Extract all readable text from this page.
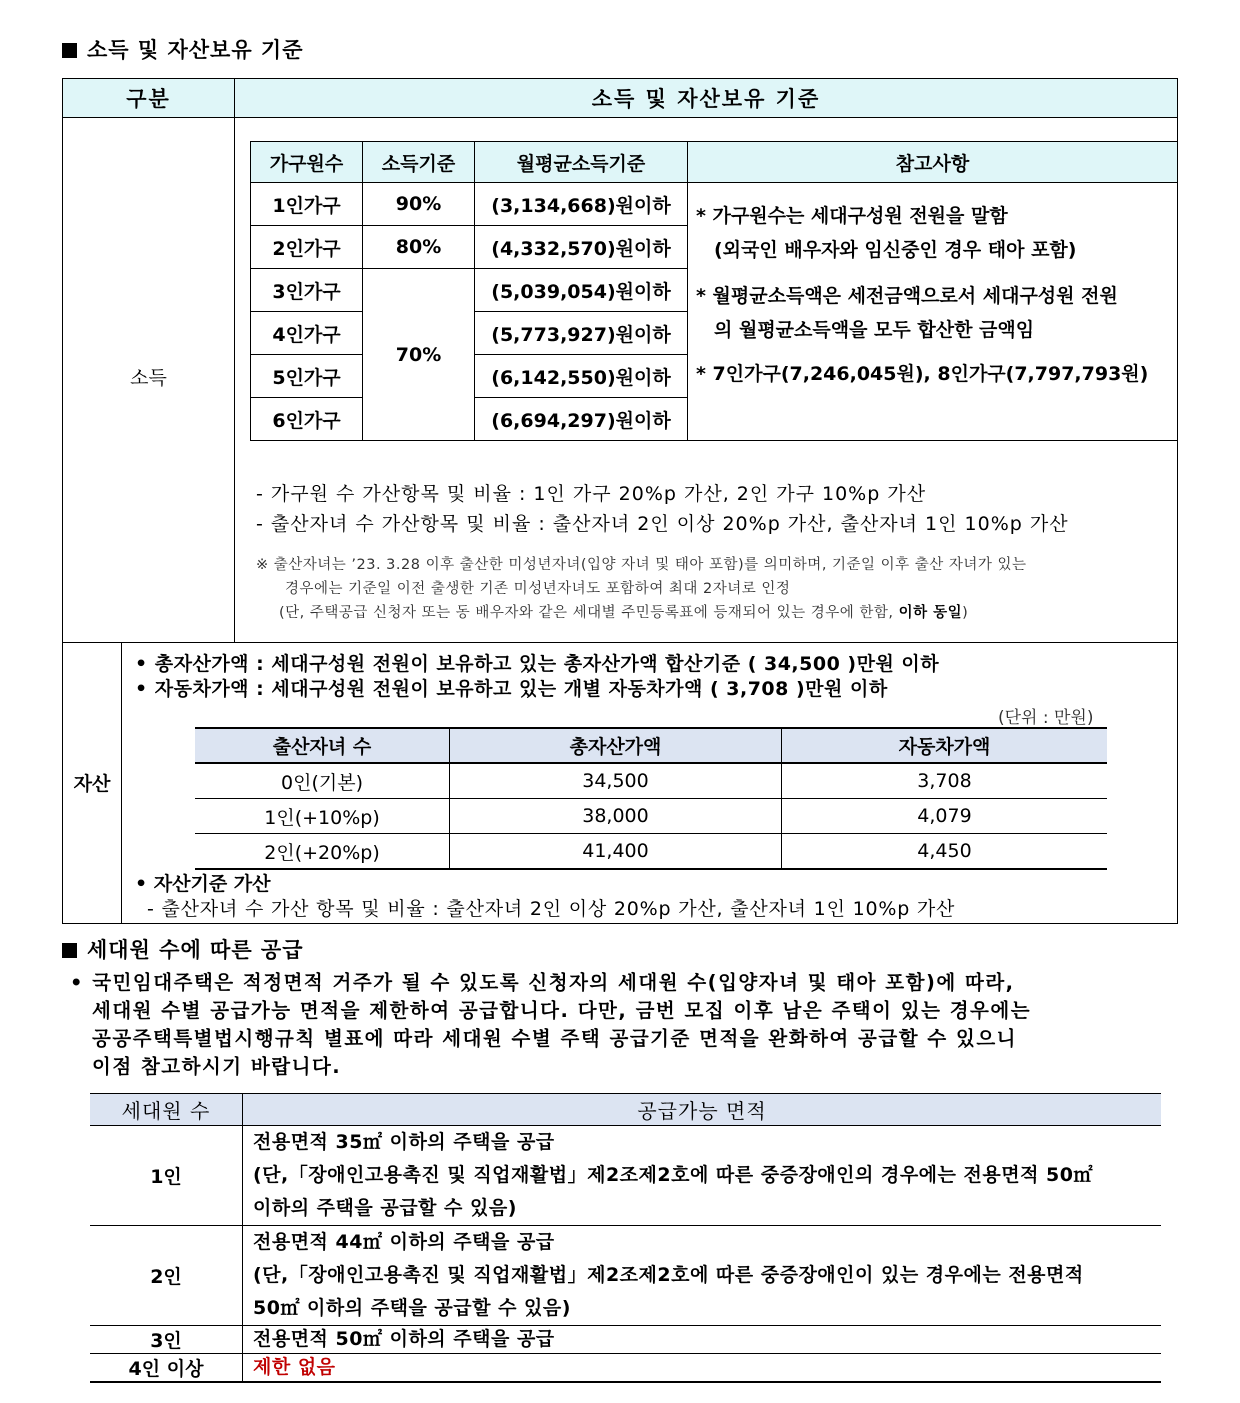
소득 및 자산보유 기준
구분	소득 및 자산보유 기준
소득
가구원수	소득기준	월평균소득기준	참고사항
1인가구	90%	(3,134,668)원이하	* 가구원수는 세대구성원 전원을 말함
(외국인 배우자와 임신중인 경우 태아 포함)

* 월평균소득액은 세전금액으로서 세대구성원 전원
의 월평균소득액을 모두 합산한 금액임

* 7인가구(7,246,045원), 8인가구(7,797,793원)

2인가구	80%	(4,332,570)원이하	
3인가구	70%	(5,039,054)원이하	
4인가구		(5,773,927)원이하	
5인가구		(6,142,550)원이하	
6인가구		(6,694,297)원이하	
- 가구원 수 가산항목 및 비율 : 1인 가구 20%p 가산, 2인 가구 10%p 가산
- 출산자녀 수 가산항목 및 비율 : 출산자녀 2인 이상 20%p 가산, 출산자녀 1인 10%p 가산
※ 출산자녀는 ’23. 3.28 이후 출산한 미성년자녀(입양 자녀 및 태아 포함)를 의미하며, 기준일 이후 출산 자녀가 있는
경우에는 기준일 이전 출생한 기존 미성년자녀도 포함하여 최대 2자녀로 인정
(단, 주택공급 신청자 또는 동 배우자와 같은 세대별 주민등록표에 등재되어 있는 경우에 한함, 이하 동일)
자산
• 총자산가액 : 세대구성원 전원이 보유하고 있는 총자산가액 합산기준 ( 34,500 )만원 이하
• 자동차가액 : 세대구성원 전원이 보유하고 있는 개별 자동차가액 ( 3,708 )만원 이하
(단위 : 만원)
출산자녀 수	총자산가액	자동차가액
0인(기본)	34,500	3,708
1인(+10%p)	38,000	4,079
2인(+20%p)	41,400	4,450
• 자산기준 가산
- 출산자녀 수 가산 항목 및 비율 : 출산자녀 2인 이상 20%p 가산, 출산자녀 1인 10%p 가산
세대원 수에 따른 공급
• 국민임대주택은 적정면적 거주가 될 수 있도록 신청자의 세대원 수(입양자녀 및 태아 포함)에 따라,
세대원 수별 공급가능 면적을 제한하여 공급합니다. 다만, 금번 모집 이후 남은 주택이 있는 경우에는
공공주택특별법시행규칙 별표에 따라 세대원 수별 주택 공급기준 면적을 완화하여 공급할 수 있으니
이점 참고하시기 바랍니다.
세대원 수	공급가능 면적
1인	전용면적 35㎡ 이하의 주택을 공급
(단,「장애인고용촉진 및 직업재활법」제2조제2호에 따른 중증장애인의 경우에는 전용면적 50㎡
이하의 주택을 공급할 수 있음)

2인	전용면적 44㎡ 이하의 주택을 공급
(단,「장애인고용촉진 및 직업재활법」제2조제2호에 따른 중증장애인이 있는 경우에는 전용면적
50㎡ 이하의 주택을 공급할 수 있음)

3인	전용면적 50㎡ 이하의 주택을 공급
4인 이상	제한 없음
